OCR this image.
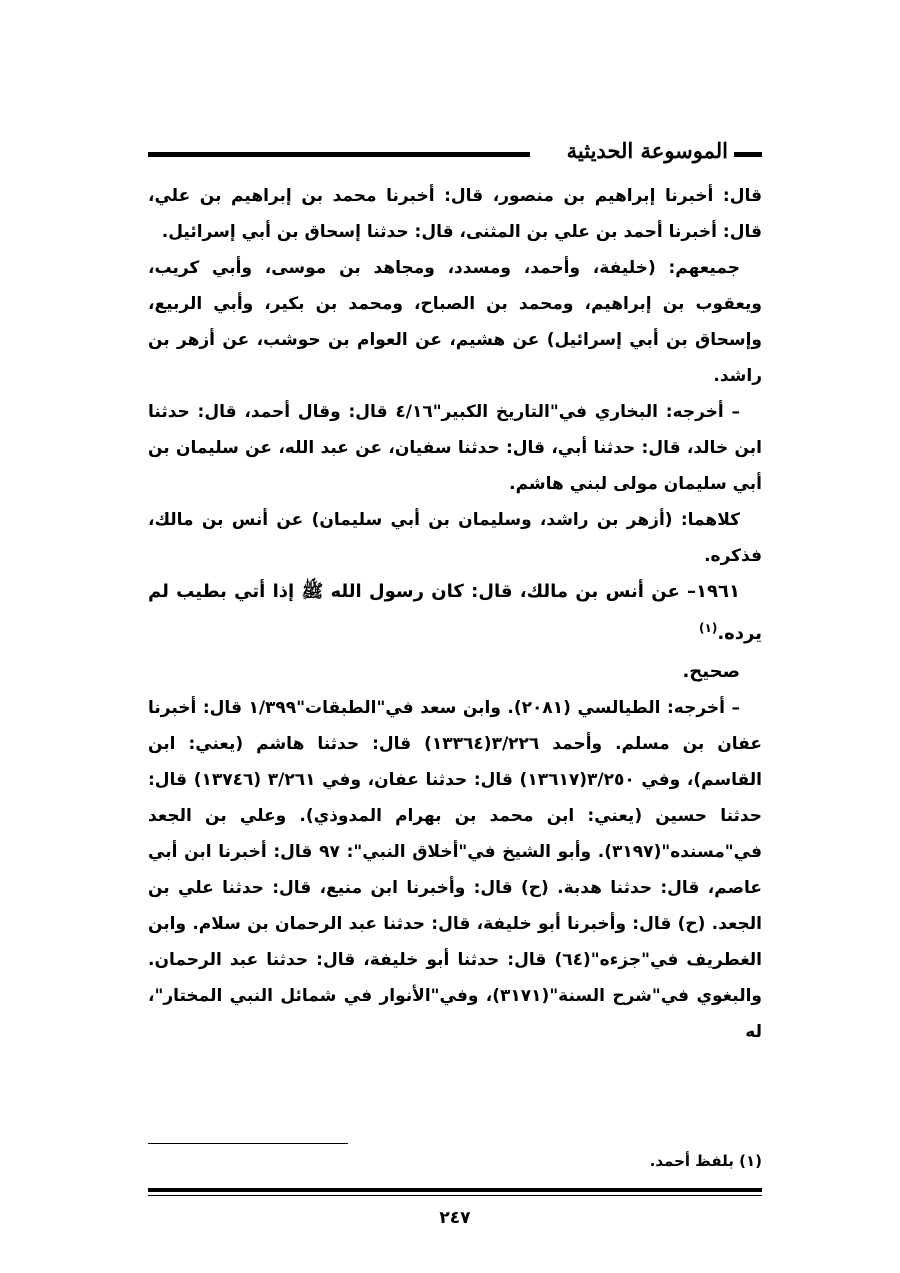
الموسوعة الحديثية

قال: أخبرنا إبراهيم بن منصور، قال: أخبرنا محمد بن إبراهيم بن علي، قال: أخبرنا أحمد بن علي بن المثنى، قال: حدثنا إسحاق بن أبي إسرائيل.

جميعهم: (خليفة، وأحمد، ومسدد، ومجاهد بن موسى، وأبي كريب، ويعقوب بن إبراهيم، ومحمد بن الصباح، ومحمد بن بكير، وأبي الربيع، وإسحاق بن أبي إسرائيل) عن هشيم، عن العوام بن حوشب، عن أزهر بن راشد.

– أخرجه: البخاري في"التاريخ الكبير"٤/١٦ قال: وقال أحمد، قال: حدثنا ابن خالد، قال: حدثنا أبي، قال: حدثنا سفيان، عن عبد الله، عن سليمان بن أبي سليمان مولى لبني هاشم.

كلاهما: (أزهر بن راشد، وسليمان بن أبي سليمان) عن أنس بن مالك، فذكره.

١٩٦١– عن أنس بن مالك، قال: كان رسول الله ﷺ إذا أتي بطيب لم يرده.$^{(١)}$

صحيح.

– أخرجه: الطيالسي (٢٠٨١). وابن سعد في"الطبقات"١/٣٩٩ قال: أخبرنا عفان بن مسلم. وأحمد ٣/٢٢٦(١٣٣٦٤) قال: حدثنا هاشم (يعني: ابن القاسم)، وفي ٣/٢٥٠(١٣٦١٧) قال: حدثنا عفان، وفي ٣/٢٦١ (١٣٧٤٦) قال: حدثنا حسين (يعني: ابن محمد بن بهرام المدوذي). وعلي بن الجعد في"مسنده"(٣١٩٧). وأبو الشيخ في"أخلاق النبي": ٩٧ قال: أخبرنا ابن أبي عاصم، قال: حدثنا هدبة. (ح) قال: وأخبرنا ابن منيع، قال: حدثنا علي بن الجعد. (ح) قال: وأخبرنا أبو خليفة، قال: حدثنا عبد الرحمان بن سلام. وابن الغطريف في"جزءه"(٦٤) قال: حدثنا أبو خليفة، قال: حدثنا عبد الرحمان. والبغوي في"شرح السنة"(٣١٧١)، وفي"الأنوار في شمائل النبي المختار"، له

(١) بلفظ أحمد.
٢٤٧
